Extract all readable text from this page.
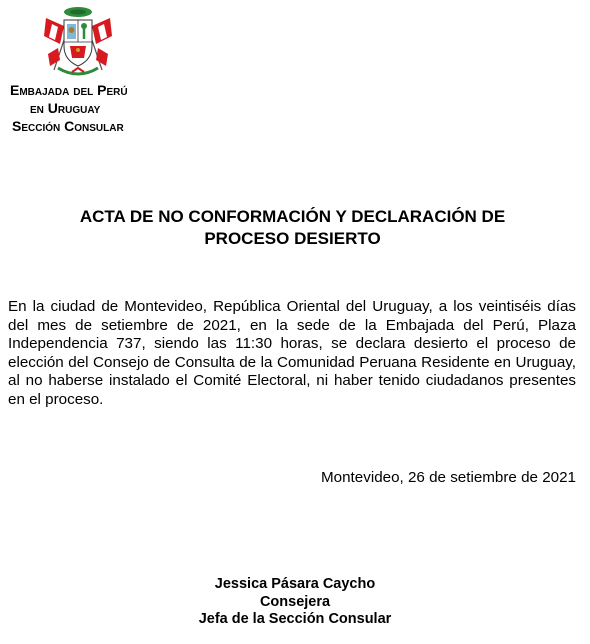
Embajada del Perú
en Uruguay
Sección Consular
ACTA DE NO CONFORMACIÓN Y DECLARACIÓN DE
PROCESO DESIERTO
En la ciudad de Montevideo, República Oriental del Uruguay, a los veintiséis días del mes de setiembre de 2021, en la sede de la Embajada del Perú, Plaza Independencia 737, siendo las 11:30 horas, se declara desierto el proceso de elección del Consejo de Consulta de la Comunidad Peruana Residente en Uruguay, al no haberse instalado el Comité Electoral, ni haber tenido ciudadanos presentes en el proceso.
Montevideo, 26 de setiembre de 2021
Jessica Pásara Caycho
Consejera
Jefa de la Sección Consular
